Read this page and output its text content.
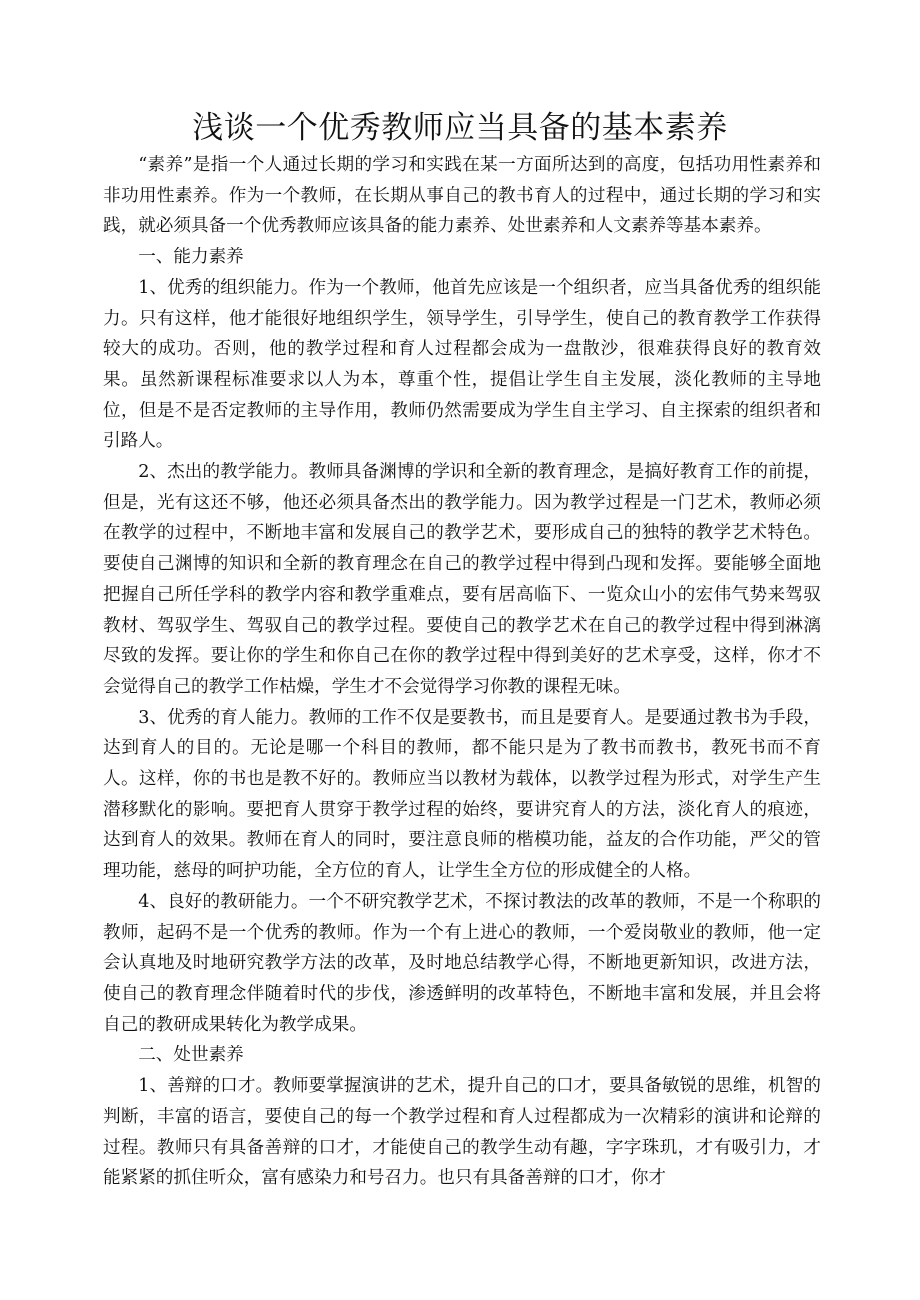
浅谈一个优秀教师应当具备的基本素养

“素养”是指一个人通过长期的学习和实践在某一方面所达到的高度，包括功用性素养和非功用性素养。作为一个教师，在长期从事自己的教书育人的过程中，通过长期的学习和实践，就必须具备一个优秀教师应该具备的能力素养、处世素养和人文素养等基本素养。

一、能力素养

1、优秀的组织能力。作为一个教师，他首先应该是一个组织者，应当具备优秀的组织能力。只有这样，他才能很好地组织学生，领导学生，引导学生，使自己的教育教学工作获得较大的成功。否则，他的教学过程和育人过程都会成为一盘散沙，很难获得良好的教育效果。虽然新课程标准要求以人为本，尊重个性，提倡让学生自主发展，淡化教师的主导地位，但是不是否定教师的主导作用，教师仍然需要成为学生自主学习、自主探索的组织者和引路人。

2、杰出的教学能力。教师具备渊博的学识和全新的教育理念，是搞好教育工作的前提，但是，光有这还不够，他还必须具备杰出的教学能力。因为教学过程是一门艺术，教师必须在教学的过程中，不断地丰富和发展自己的教学艺术，要形成自己的独特的教学艺术特色。要使自己渊博的知识和全新的教育理念在自己的教学过程中得到凸现和发挥。要能够全面地把握自己所任学科的教学内容和教学重难点，要有居高临下、一览众山小的宏伟气势来驾驭教材、驾驭学生、驾驭自己的教学过程。要使自己的教学艺术在自己的教学过程中得到淋漓尽致的发挥。要让你的学生和你自己在你的教学过程中得到美好的艺术享受，这样，你才不会觉得自己的教学工作枯燥，学生才不会觉得学习你教的课程无味。

3、优秀的育人能力。教师的工作不仅是要教书，而且是要育人。是要通过教书为手段，达到育人的目的。无论是哪一个科目的教师，都不能只是为了教书而教书，教死书而不育人。这样，你的书也是教不好的。教师应当以教材为载体，以教学过程为形式，对学生产生潜移默化的影响。要把育人贯穿于教学过程的始终，要讲究育人的方法，淡化育人的痕迹，达到育人的效果。教师在育人的同时，要注意良师的楷模功能，益友的合作功能，严父的管理功能，慈母的呵护功能，全方位的育人，让学生全方位的形成健全的人格。

4、良好的教研能力。一个不研究教学艺术，不探讨教法的改革的教师，不是一个称职的教师，起码不是一个优秀的教师。作为一个有上进心的教师，一个爱岗敬业的教师，他一定会认真地及时地研究教学方法的改革，及时地总结教学心得，不断地更新知识，改进方法，使自己的教育理念伴随着时代的步伐，渗透鲜明的改革特色，不断地丰富和发展，并且会将自己的教研成果转化为教学成果。

二、处世素养

1、善辩的口才。教师要掌握演讲的艺术，提升自己的口才，要具备敏锐的思维，机智的判断，丰富的语言，要使自己的每一个教学过程和育人过程都成为一次精彩的演讲和论辩的过程。教师只有具备善辩的口才，才能使自己的教学生动有趣，字字珠玑，才有吸引力，才能紧紧的抓住听众，富有感染力和号召力。也只有具备善辩的口才，你才
